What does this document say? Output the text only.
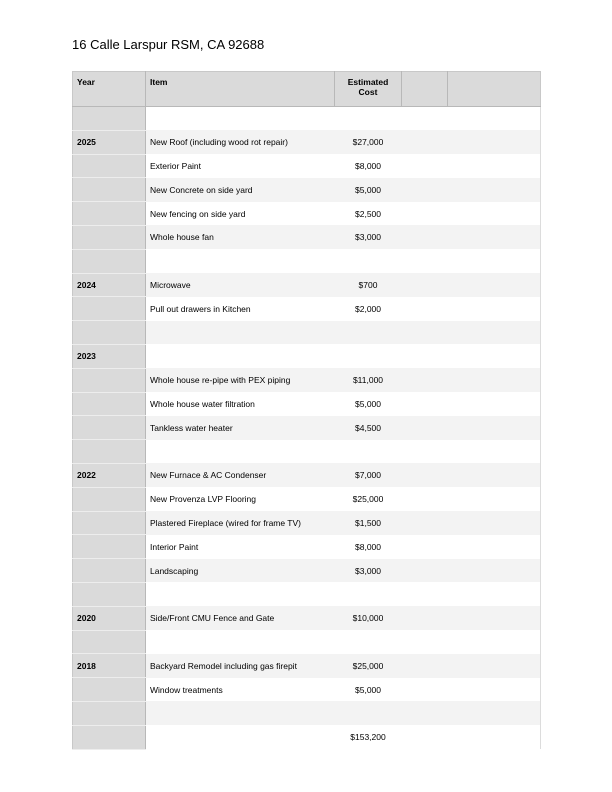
16 Calle Larspur RSM, CA 92688
Year	Item	Estimated
Cost		

2025	New Roof (including wood rot repair)	$27,000		
	Exterior Paint	$8,000		
	New Concrete on side yard	$5,000		
	New fencing on side yard	$2,500		
	Whole house fan	$3,000		

2024	Microwave	$700		
	Pull out drawers in Kitchen	$2,000		

2023				
	Whole house re-pipe with PEX piping	$11,000		
	Whole house water filtration	$5,000		
	Tankless water heater	$4,500		

2022	New Furnace & AC Condenser	$7,000		
	New Provenza LVP Flooring	$25,000		
	Plastered Fireplace (wired for frame TV)	$1,500		
	Interior Paint	$8,000		
	Landscaping	$3,000		

2020	Side/Front CMU Fence and Gate	$10,000		

2018	Backyard Remodel including gas firepit	$25,000		
	Window treatments	$5,000		

		$153,200		
